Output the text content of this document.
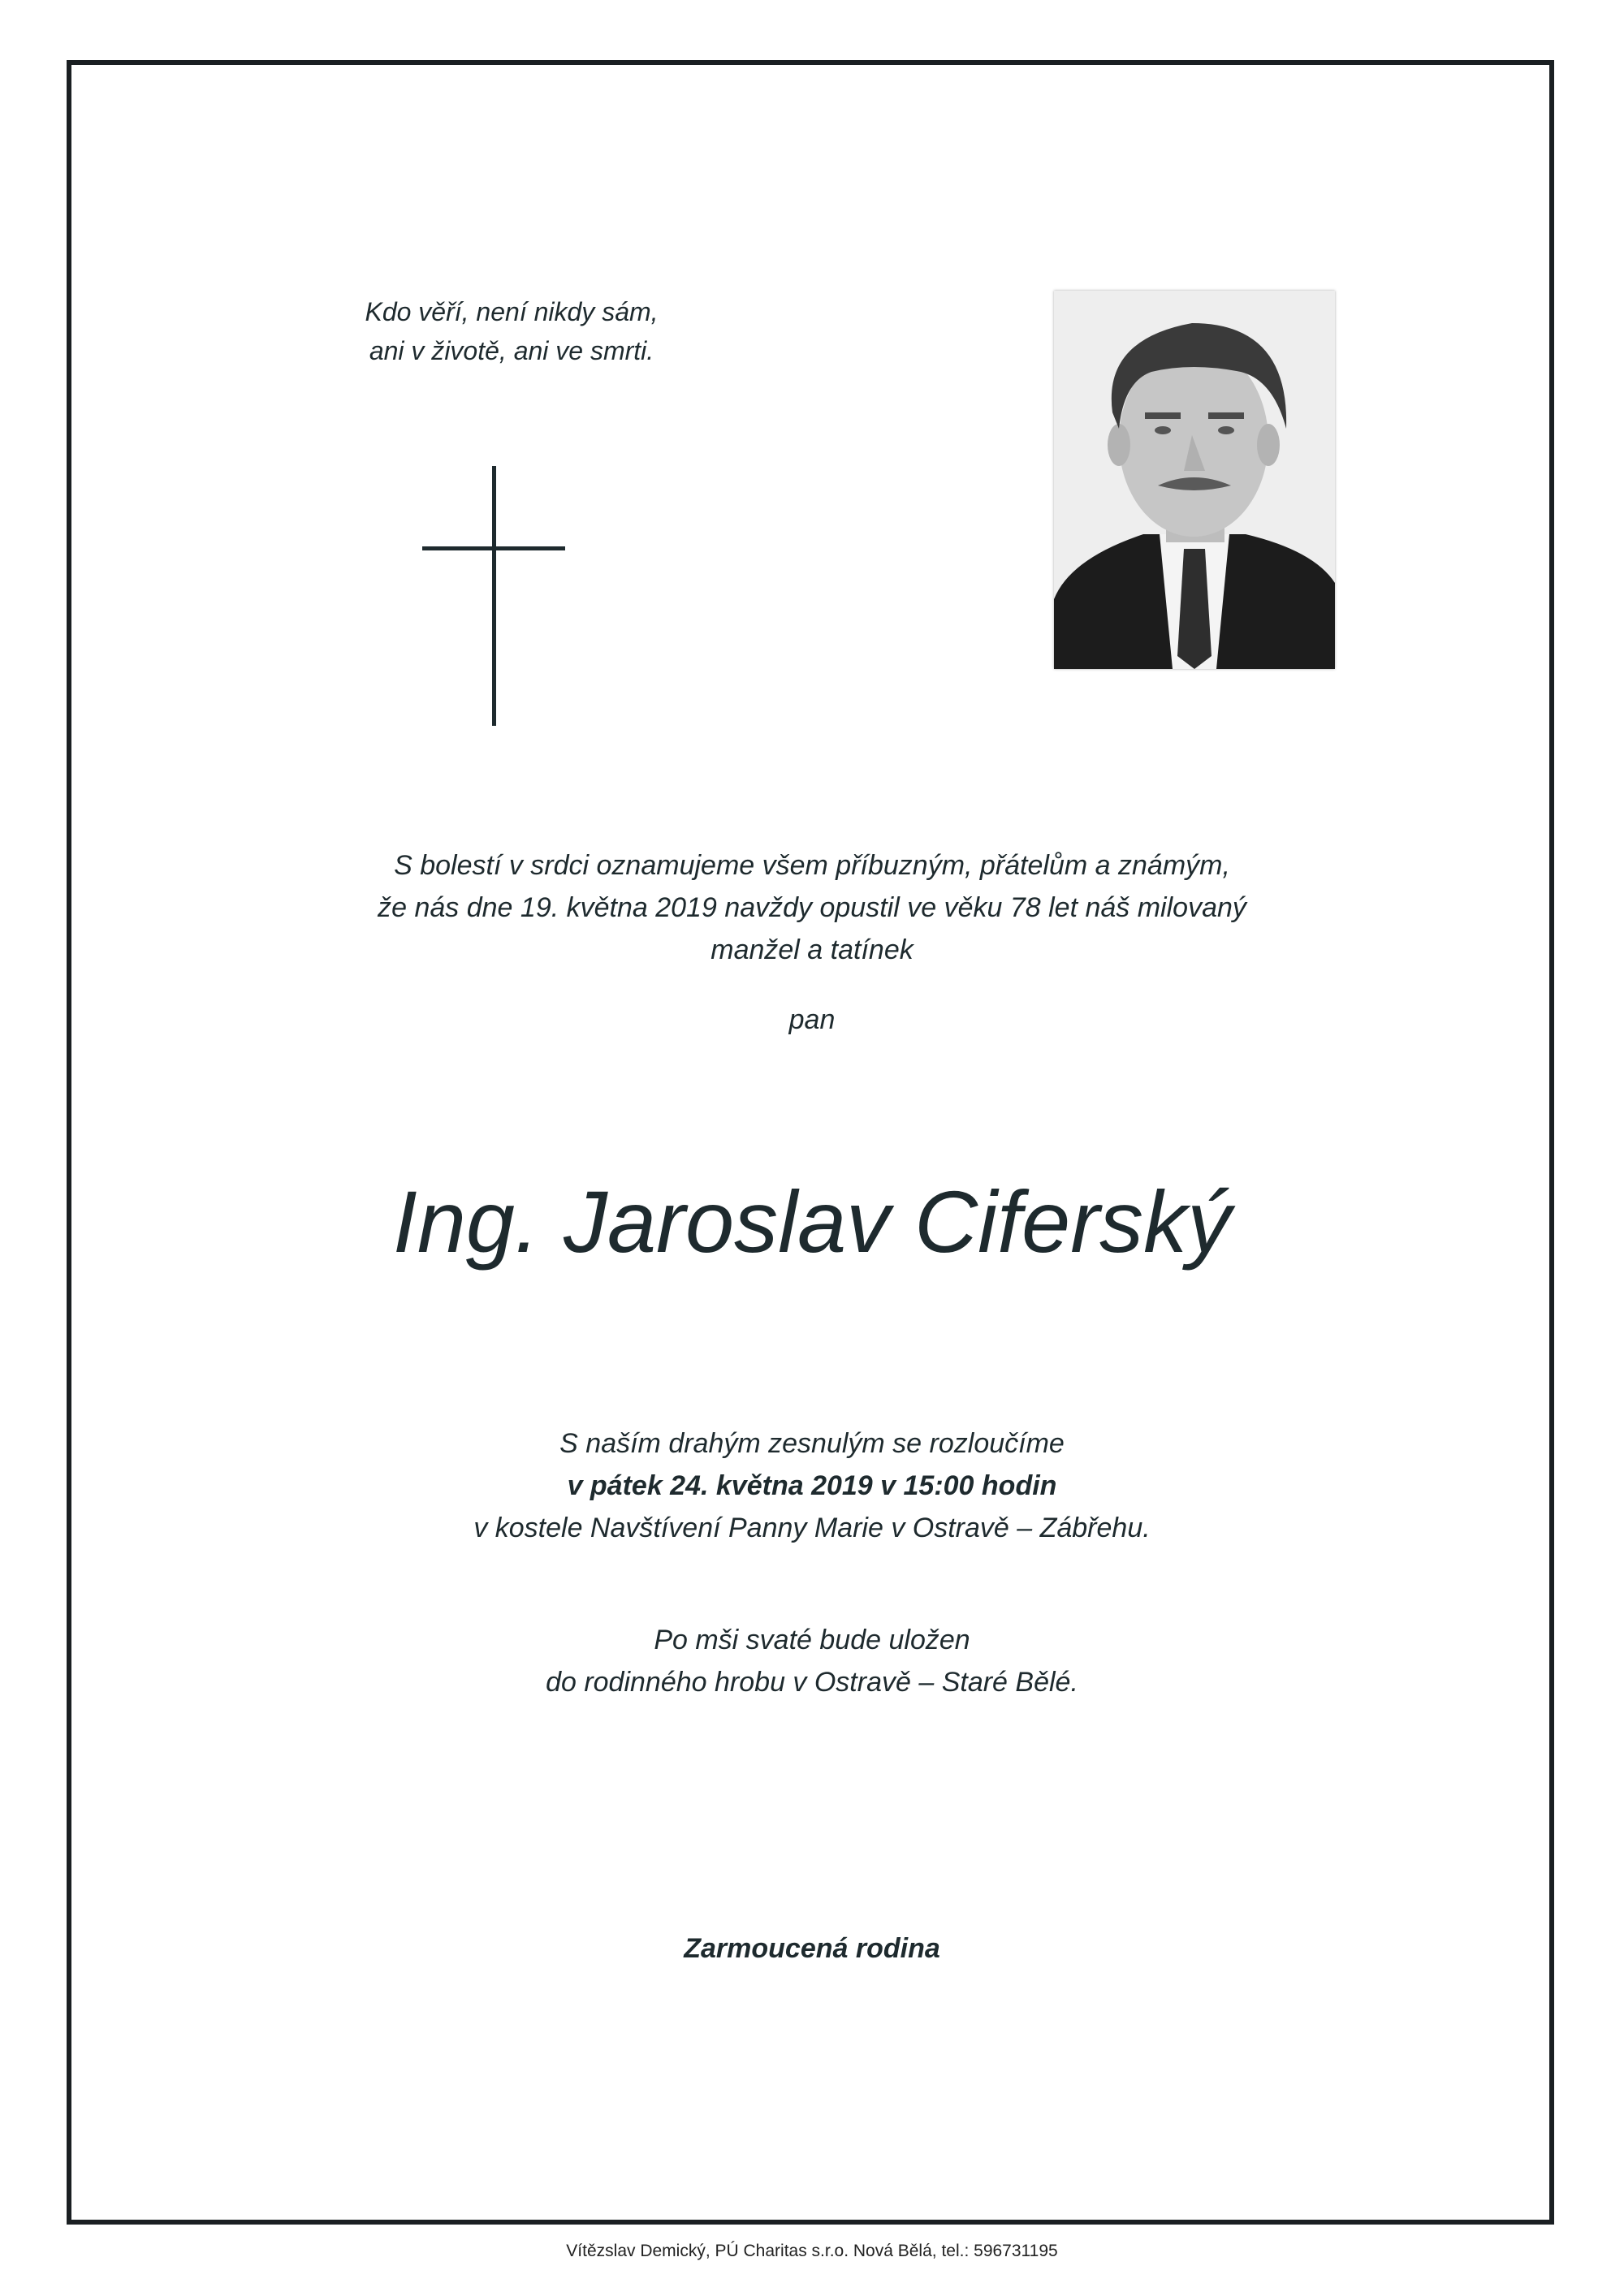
Kdo věří, není nikdy sám,
ani v životě, ani ve smrti.
S bolestí v srdci oznamujeme všem příbuzným, přátelům a známým,
že nás dne 19. května 2019 navždy opustil ve věku 78 let náš milovaný
manžel a tatínek
pan
Ing. Jaroslav Ciferský
S naším drahým zesnulým se rozloučíme
v pátek 24. května 2019 v 15:00 hodin
v kostele Navštívení Panny Marie v Ostravě – Zábřehu.
Po mši svaté bude uložen
do rodinného hrobu v Ostravě – Staré Bělé.
Zarmoucená rodina
Vítězslav Demický, PÚ Charitas s.r.o. Nová Bělá, tel.: 596731195
